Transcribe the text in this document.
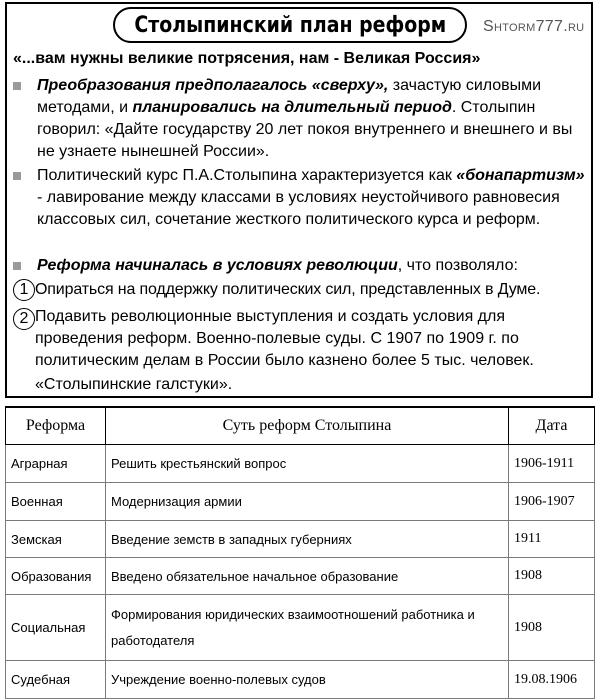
Столыпинский план реформ Shtorm777.ru
«...вам нужны великие потрясения, нам - Великая Россия»
Преобразования предполагалось «сверху», зачастую силовыми методами, и планировались на длительный период. Столыпин говорил: «Дайте государству 20 лет покоя внутреннего и внешнего и вы не узнаете нынешней России».
Политический курс П.А.Столыпина характеризуется как «бонапартизм» - лавирование между классами в условиях неустойчивого равновесия классовых сил, сочетание жесткого политического курса и реформ.
Реформа начиналась в условиях революции, что позволяло:
1 Опираться на поддержку политических сил, представленных в Думе.
2 Подавить революционные выступления и создать условия для проведения реформ. Военно-полевые суды. С 1907 по 1909 г. по политическим делам в России было казнено более 5 тыс. человек.
«Столыпинские галстуки».
Реформа	Суть реформ Столыпина	Дата
Аграрная	Решить крестьянский вопрос	1906-1911
Военная	Модернизация армии	1906-1907
Земская	Введение земств в западных губерниях	1911
Образования	Введено обязательное начальное образование	1908
Социальная	Формирования юридических взаимоотношений работника и работодателя	1908
Судебная	Учреждение военно-полевых судов	19.08.1906
